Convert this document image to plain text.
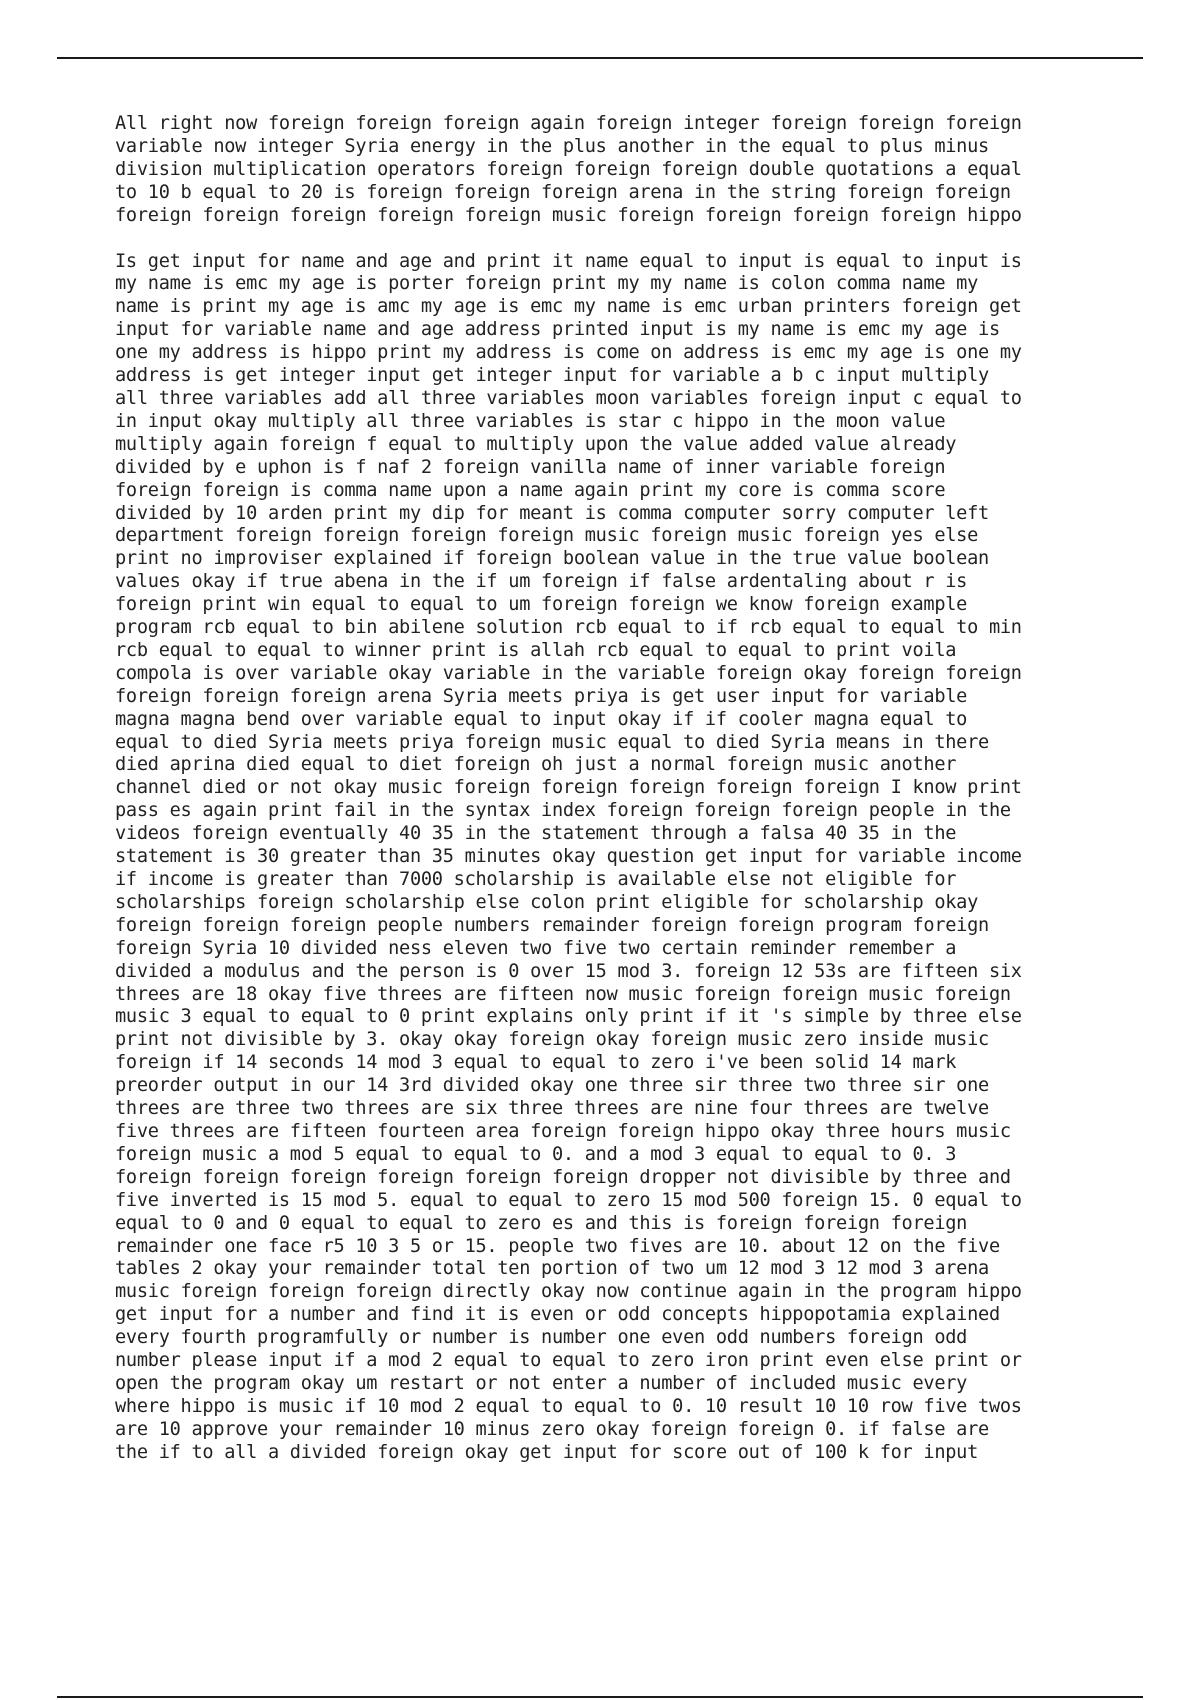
All right now foreign foreign foreign again foreign integer foreign foreign foreign
variable now integer Syria energy in the plus another in the equal to plus minus
division multiplication operators foreign foreign foreign double quotations a equal
to 10 b equal to 20 is foreign foreign foreign arena in the string foreign foreign
foreign foreign foreign foreign foreign music foreign foreign foreign foreign hippo

Is get input for name and age and print it name equal to input is equal to input is
my name is emc my age is porter foreign print my my name is colon comma name my
name is print my age is amc my age is emc my name is emc urban printers foreign get
input for variable name and age address printed input is my name is emc my age is
one my address is hippo print my address is come on address is emc my age is one my
address is get integer input get integer input for variable a b c input multiply
all three variables add all three variables moon variables foreign input c equal to
in input okay multiply all three variables is star c hippo in the moon value
multiply again foreign f equal to multiply upon the value added value already
divided by e uphon is f naf 2 foreign vanilla name of inner variable foreign
foreign foreign is comma name upon a name again print my core is comma score
divided by 10 arden print my dip for meant is comma computer sorry computer left
department foreign foreign foreign foreign music foreign music foreign yes else
print no improviser explained if foreign boolean value in the true value boolean
values okay if true abena in the if um foreign if false ardentaling about r is
foreign print win equal to equal to um foreign foreign we know foreign example
program rcb equal to bin abilene solution rcb equal to if rcb equal to equal to min
rcb equal to equal to winner print is allah rcb equal to equal to print voila
compola is over variable okay variable in the variable foreign okay foreign foreign
foreign foreign foreign arena Syria meets priya is get user input for variable
magna magna bend over variable equal to input okay if if cooler magna equal to
equal to died Syria meets priya foreign music equal to died Syria means in there
died aprina died equal to diet foreign oh just a normal foreign music another
channel died or not okay music foreign foreign foreign foreign foreign I know print
pass es again print fail in the syntax index foreign foreign foreign people in the
videos foreign eventually 40 35 in the statement through a falsa 40 35 in the
statement is 30 greater than 35 minutes okay question get input for variable income
if income is greater than 7000 scholarship is available else not eligible for
scholarships foreign scholarship else colon print eligible for scholarship okay
foreign foreign foreign people numbers remainder foreign foreign program foreign
foreign Syria 10 divided ness eleven two five two certain reminder remember a
divided a modulus and the person is 0 over 15 mod 3. foreign 12 53s are fifteen six
threes are 18 okay five threes are fifteen now music foreign foreign music foreign
music 3 equal to equal to 0 print explains only print if it 's simple by three else
print not divisible by 3. okay okay foreign okay foreign music zero inside music
foreign if 14 seconds 14 mod 3 equal to equal to zero i've been solid 14 mark
preorder output in our 14 3rd divided okay one three sir three two three sir one
threes are three two threes are six three threes are nine four threes are twelve
five threes are fifteen fourteen area foreign foreign hippo okay three hours music
foreign music a mod 5 equal to equal to 0. and a mod 3 equal to equal to 0. 3
foreign foreign foreign foreign foreign foreign dropper not divisible by three and
five inverted is 15 mod 5. equal to equal to zero 15 mod 500 foreign 15. 0 equal to
equal to 0 and 0 equal to equal to zero es and this is foreign foreign foreign
remainder one face r5 10 3 5 or 15. people two fives are 10. about 12 on the five
tables 2 okay your remainder total ten portion of two um 12 mod 3 12 mod 3 arena
music foreign foreign foreign directly okay now continue again in the program hippo
get input for a number and find it is even or odd concepts hippopotamia explained
every fourth programfully or number is number one even odd numbers foreign odd
number please input if a mod 2 equal to equal to zero iron print even else print or
open the program okay um restart or not enter a number of included music every
where hippo is music if 10 mod 2 equal to equal to 0. 10 result 10 10 row five twos
are 10 approve your remainder 10 minus zero okay foreign foreign 0. if false are
the if to all a divided foreign okay get input for score out of 100 k for input
